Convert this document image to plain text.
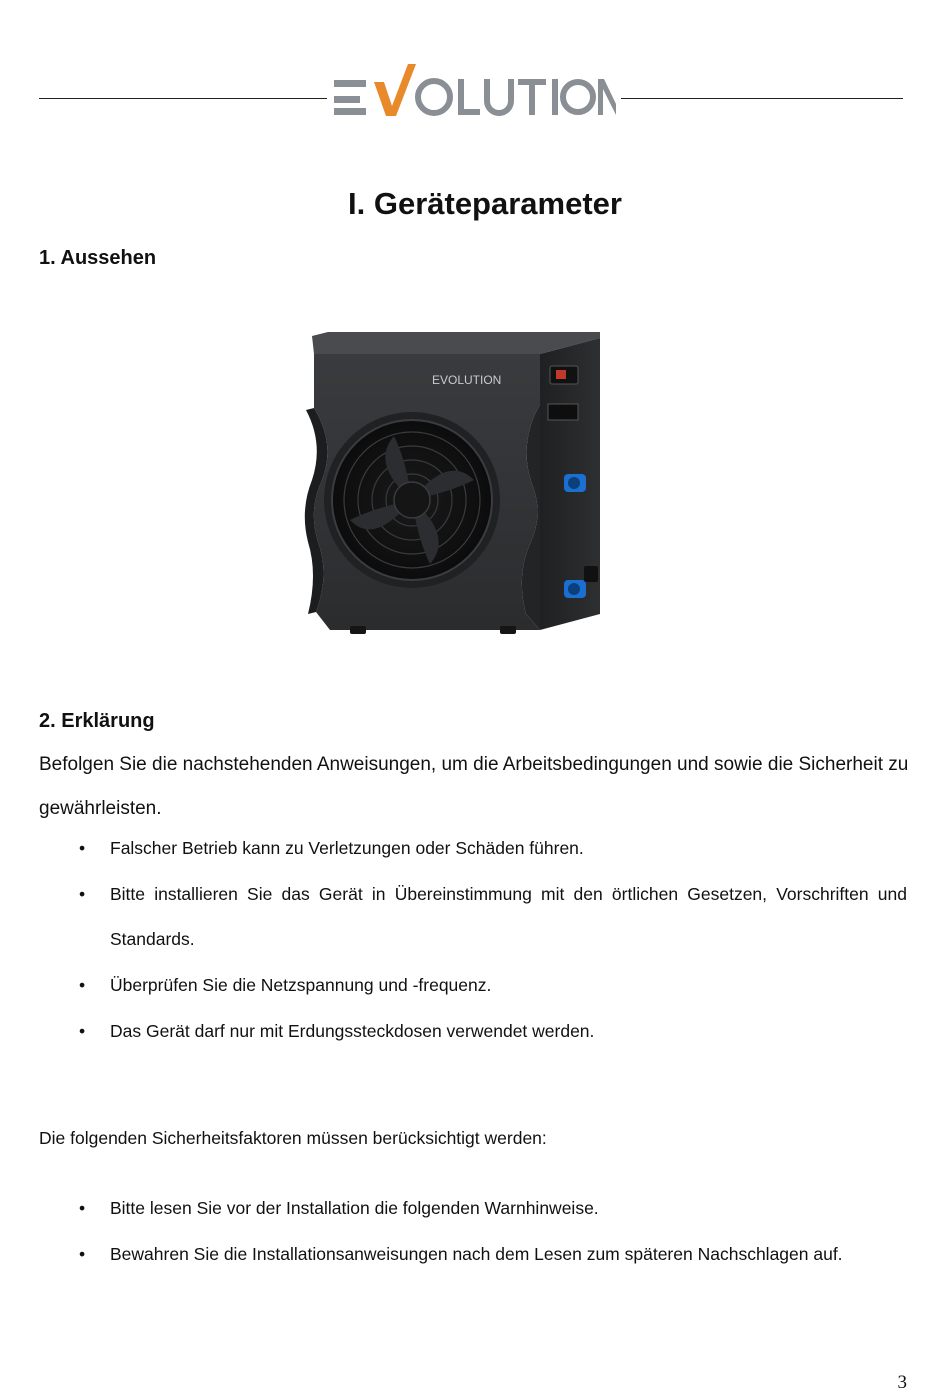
I. Geräteparameter

1. Aussehen

EVOLUTION

2. Erklärung

Befolgen Sie die nachstehenden Anweisungen, um die Arbeitsbedingungen und sowie die Sicherheit zu gewährleisten.

• Falscher Betrieb kann zu Verletzungen oder Schäden führen.
• Bitte installieren Sie das Gerät in Übereinstimmung mit den örtlichen Gesetzen, Vorschriften und Standards.
• Überprüfen Sie die Netzspannung und -frequenz.
• Das Gerät darf nur mit Erdungssteckdosen verwendet werden.

Die folgenden Sicherheitsfaktoren müssen berücksichtigt werden:

• Bitte lesen Sie vor der Installation die folgenden Warnhinweise.
• Bewahren Sie die Installationsanweisungen nach dem Lesen zum späteren Nachschlagen auf.
3
